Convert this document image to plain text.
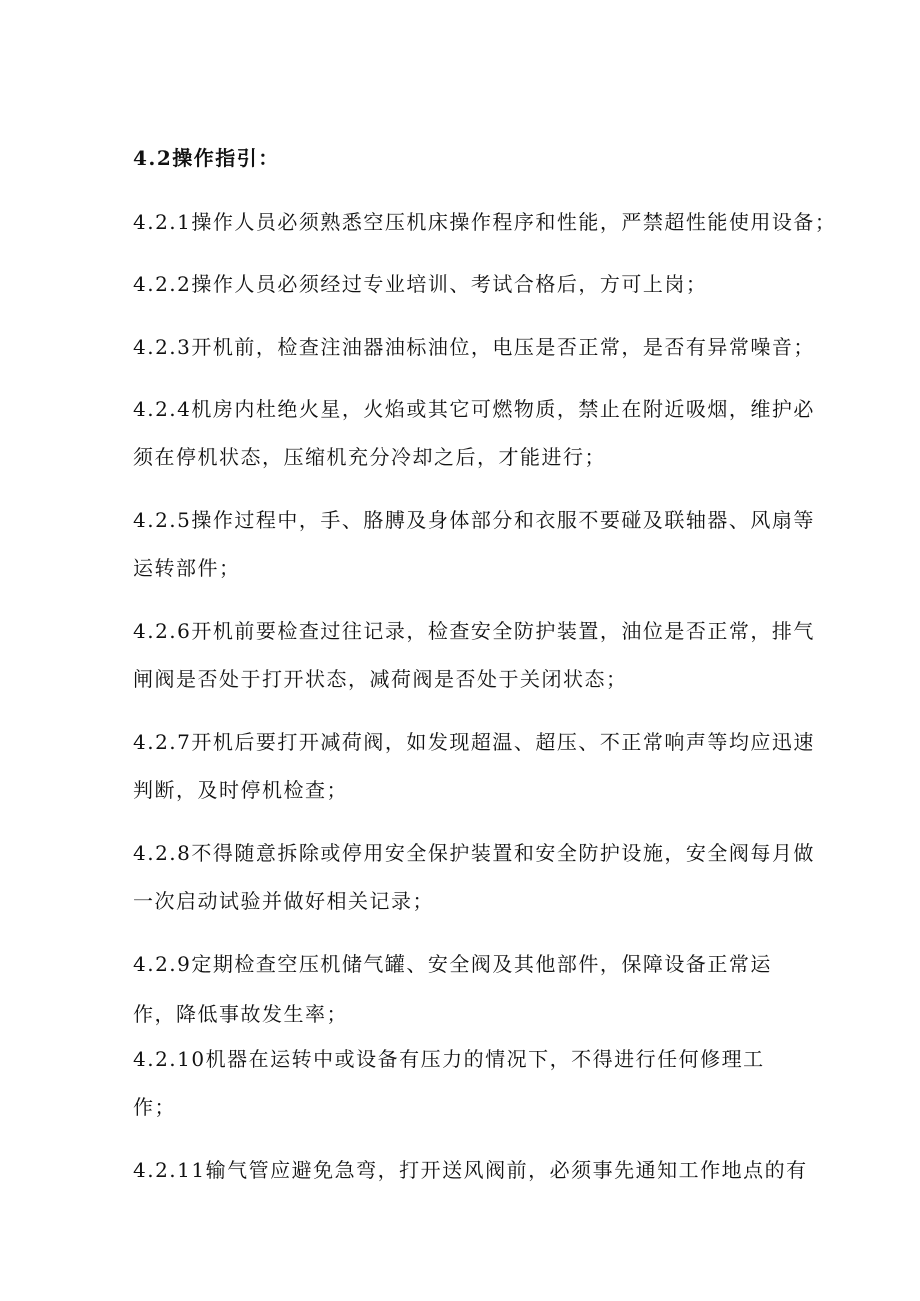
4.2操作指引：
4.2.1操作人员必须熟悉空压机床操作程序和性能，严禁超性能使用设备；
4.2.2操作人员必须经过专业培训、考试合格后，方可上岗；
4.2.3开机前，检查注油器油标油位，电压是否正常，是否有异常噪音；
4.2.4机房内杜绝火星，火焰或其它可燃物质，禁止在附近吸烟，维护必
须在停机状态，压缩机充分冷却之后，才能进行；
4.2.5操作过程中，手、胳膊及身体部分和衣服不要碰及联轴器、风扇等
运转部件；
4.2.6开机前要检查过往记录，检查安全防护装置，油位是否正常，排气
闸阀是否处于打开状态，减荷阀是否处于关闭状态；
4.2.7开机后要打开减荷阀，如发现超温、超压、不正常响声等均应迅速
判断，及时停机检查；
4.2.8不得随意拆除或停用安全保护装置和安全防护设施，安全阀每月做
一次启动试验并做好相关记录；
4.2.9定期检查空压机储气罐、安全阀及其他部件，保障设备正常运
作，降低事故发生率；
4.2.10机器在运转中或设备有压力的情况下，不得进行任何修理工
作；
4.2.11输气管应避免急弯，打开送风阀前，必须事先通知工作地点的有
